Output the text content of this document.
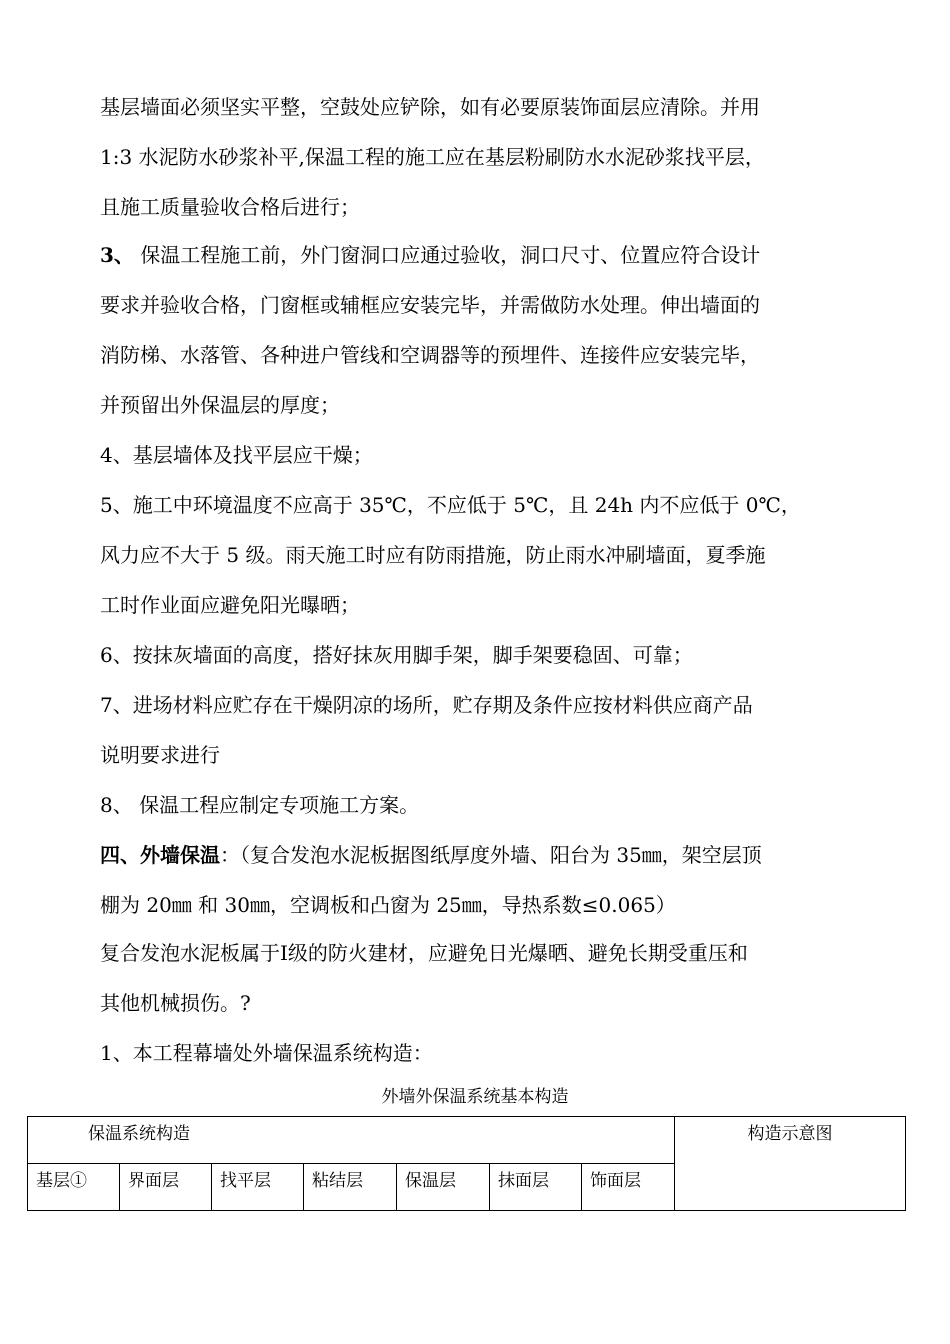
基层墙面必须坚实平整，空鼓处应铲除，如有必要原装饰面层应清除。并用
1:3 水泥防水砂浆补平,保温工程的施工应在基层粉刷防水水泥砂浆找平层，
且施工质量验收合格后进行；

3、 保温工程施工前，外门窗洞口应通过验收，洞口尺寸、位置应符合设计
要求并验收合格，门窗框或辅框应安装完毕，并需做防水处理。伸出墙面的
消防梯、水落管、各种进户管线和空调器等的预埋件、连接件应安装完毕，
并预留出外保温层的厚度；

4、基层墙体及找平层应干燥；

5、施工中环境温度不应高于 35℃，不应低于 5℃，且 24h 内不应低于 0℃，
风力应不大于 5 级。雨天施工时应有防雨措施，防止雨水冲刷墙面，夏季施
工时作业面应避免阳光曝晒；

6、按抹灰墙面的高度，搭好抹灰用脚手架，脚手架要稳固、可靠；

7、进场材料应贮存在干燥阴凉的场所，贮存期及条件应按材料供应商产品
说明要求进行

8、 保温工程应制定专项施工方案。

四、外墙保温：（复合发泡水泥板据图纸厚度外墙、阳台为 35㎜，架空层顶
棚为 20㎜ 和 30㎜，空调板和凸窗为 25㎜，导热系数≤0.065）

复合发泡水泥板属于Ⅰ级的防火建材，应避免日光爆晒、避免长期受重压和
其他机械损伤。?

1、本工程幕墙处外墙保温系统构造：

外墙外保温系统基本构造
保温系统构造							构造示意图
基层①	界面层	找平层	粘结层	保温层	抹面层	饰面层	
